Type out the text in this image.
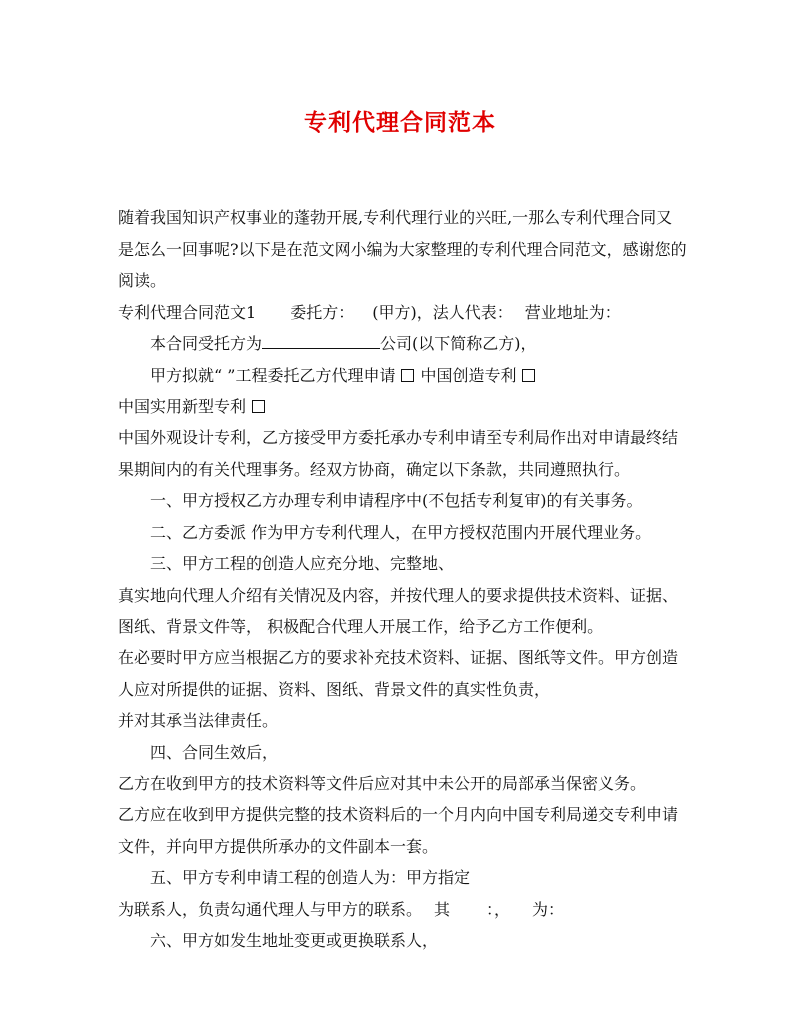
专利代理合同范本
随着我国知识产权事业的蓬勃开展,专利代理行业的兴旺,一那么专利代理合同又
是怎么一回事呢?以下是在范文网小编为大家整理的专利代理合同范文，感谢您的
阅读。
专利代理合同范文1 委托方： (甲方)，法人代表： 营业地址为：
本合同受托方为	公司(以下简称乙方)，
甲方拟就“ ”工程委托乙方代理申请 中国创造专利
中国实用新型专利
中国外观设计专利，乙方接受甲方委托承办专利申请至专利局作出对申请最终结
果期间内的有关代理事务。经双方协商，确定以下条款，共同遵照执行。
一、甲方授权乙方办理专利申请程序中(不包括专利复审)的有关事务。
二、乙方委派 作为甲方专利代理人，在甲方授权范围内开展代理业务。
三、甲方工程的创造人应充分地、完整地、
真实地向代理人介绍有关情况及内容，并按代理人的要求提供技术资料、证据、
图纸、背景文件等， 积极配合代理人开展工作，给予乙方工作便利。
在必要时甲方应当根据乙方的要求补充技术资料、证据、图纸等文件。甲方创造
人应对所提供的证据、资料、图纸、背景文件的真实性负责，
并对其承当法律责任。
四、合同生效后，
乙方在收到甲方的技术资料等文件后应对其中未公开的局部承当保密义务。
乙方应在收到甲方提供完整的技术资料后的一个月内向中国专利局递交专利申请
文件，并向甲方提供所承办的文件副本一套。
五、甲方专利申请工程的创造人为：甲方指定
为联系人，负责勾通代理人与甲方的联系。 其 ：， 为：
六、甲方如发生地址变更或更换联系人，
